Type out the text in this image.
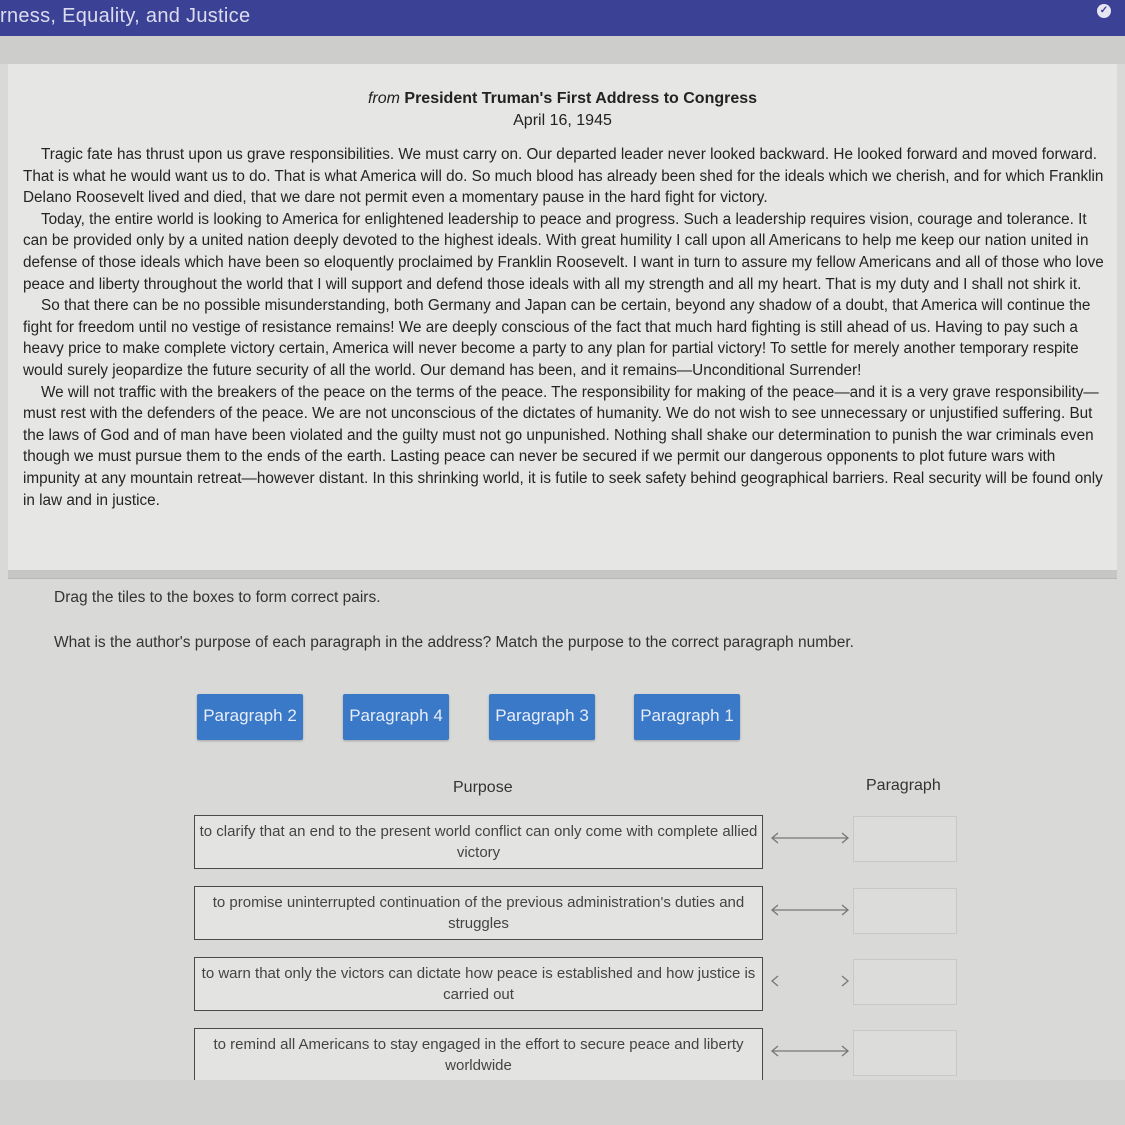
rness, Equality, and Justice	✓
from President Truman's First Address to Congress
April 16, 1945

Tragic fate has thrust upon us grave responsibilities. We must carry on. Our departed leader never looked backward. He looked forward and moved forward. That is what he would want us to do. That is what America will do. So much blood has already been shed for the ideals which we cherish, and for which Franklin Delano Roosevelt lived and died, that we dare not permit even a momentary pause in the hard fight for victory.

Today, the entire world is looking to America for enlightened leadership to peace and progress. Such a leadership requires vision, courage and tolerance. It can be provided only by a united nation deeply devoted to the highest ideals. With great humility I call upon all Americans to help me keep our nation united in defense of those ideals which have been so eloquently proclaimed by Franklin Roosevelt. I want in turn to assure my fellow Americans and all of those who love peace and liberty throughout the world that I will support and defend those ideals with all my strength and all my heart. That is my duty and I shall not shirk it.

So that there can be no possible misunderstanding, both Germany and Japan can be certain, beyond any shadow of a doubt, that America will continue the fight for freedom until no vestige of resistance remains! We are deeply conscious of the fact that much hard fighting is still ahead of us. Having to pay such a heavy price to make complete victory certain, America will never become a party to any plan for partial victory! To settle for merely another temporary respite would surely jeopardize the future security of all the world. Our demand has been, and it remains—Unconditional Surrender!

We will not traffic with the breakers of the peace on the terms of the peace. The responsibility for making of the peace—and it is a very grave responsibility—must rest with the defenders of the peace. We are not unconscious of the dictates of humanity. We do not wish to see unnecessary or unjustified suffering. But the laws of God and of man have been violated and the guilty must not go unpunished. Nothing shall shake our determination to punish the war criminals even though we must pursue them to the ends of the earth. Lasting peace can never be secured if we permit our dangerous opponents to plot future wars with impunity at any mountain retreat—however distant. In this shrinking world, it is futile to seek safety behind geographical barriers. Real security will be found only in law and in justice.

Drag the tiles to the boxes to form correct pairs.
What is the author's purpose of each paragraph in the address? Match the purpose to the correct paragraph number.
Paragraph 2	Paragraph 4	Paragraph 3	Paragraph 1
Purpose	Paragraph
to clarify that an end to the present world conflict can only come with complete allied victory
to promise uninterrupted continuation of the previous administration's duties and struggles
to warn that only the victors can dictate how peace is established and how justice is carried out
to remind all Americans to stay engaged in the effort to secure peace and liberty worldwide
